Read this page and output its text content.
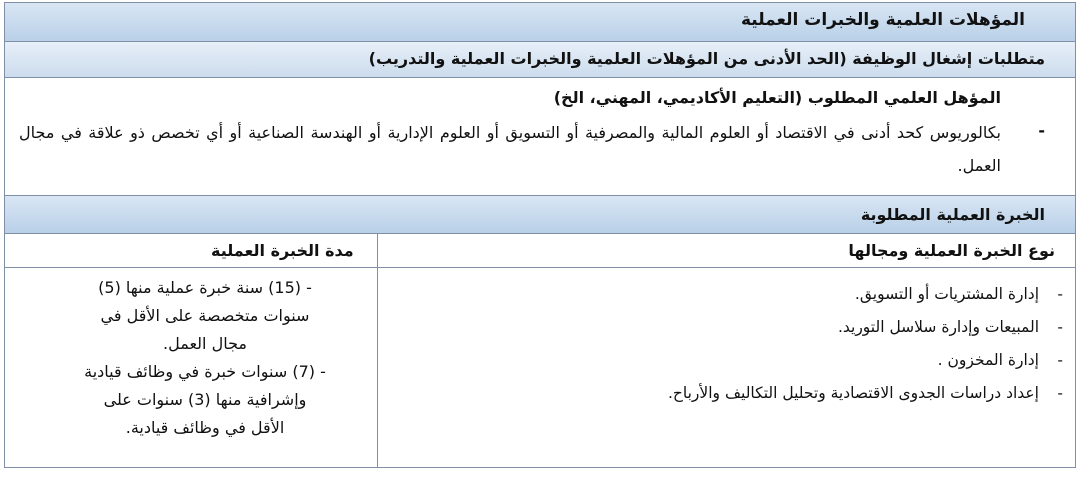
المؤهلات العلمية والخبرات العملية
متطلبات إشغال الوظيفة (الحد الأدنى من المؤهلات العلمية والخبرات العملية والتدريب)
المؤهل العلمي المطلوب (التعليم الأكاديمي، المهني، الخ)
-
بكالوريوس كحد أدنى في الاقتصاد أو العلوم المالية والمصرفية أو التسويق أو العلوم الإدارية أو الهندسة الصناعية أو أي تخصص ذو علاقة في مجال العمل.
الخبرة العملية المطلوبة
نوع الخبرة العملية ومجالها
مدة الخبرة العملية
-
إدارة المشتريات أو التسويق.
-
المبيعات وإدارة سلاسل التوريد.
-
إدارة المخزون .
-
إعداد دراسات الجدوى الاقتصادية وتحليل التكاليف والأرباح.
- (15) سنة خبرة عملية منها (5)
سنوات متخصصة على الأقل في
مجال العمل.
- (7) سنوات خبرة في وظائف قيادية
وإشرافية منها (3) سنوات على
الأقل في وظائف قيادية.
